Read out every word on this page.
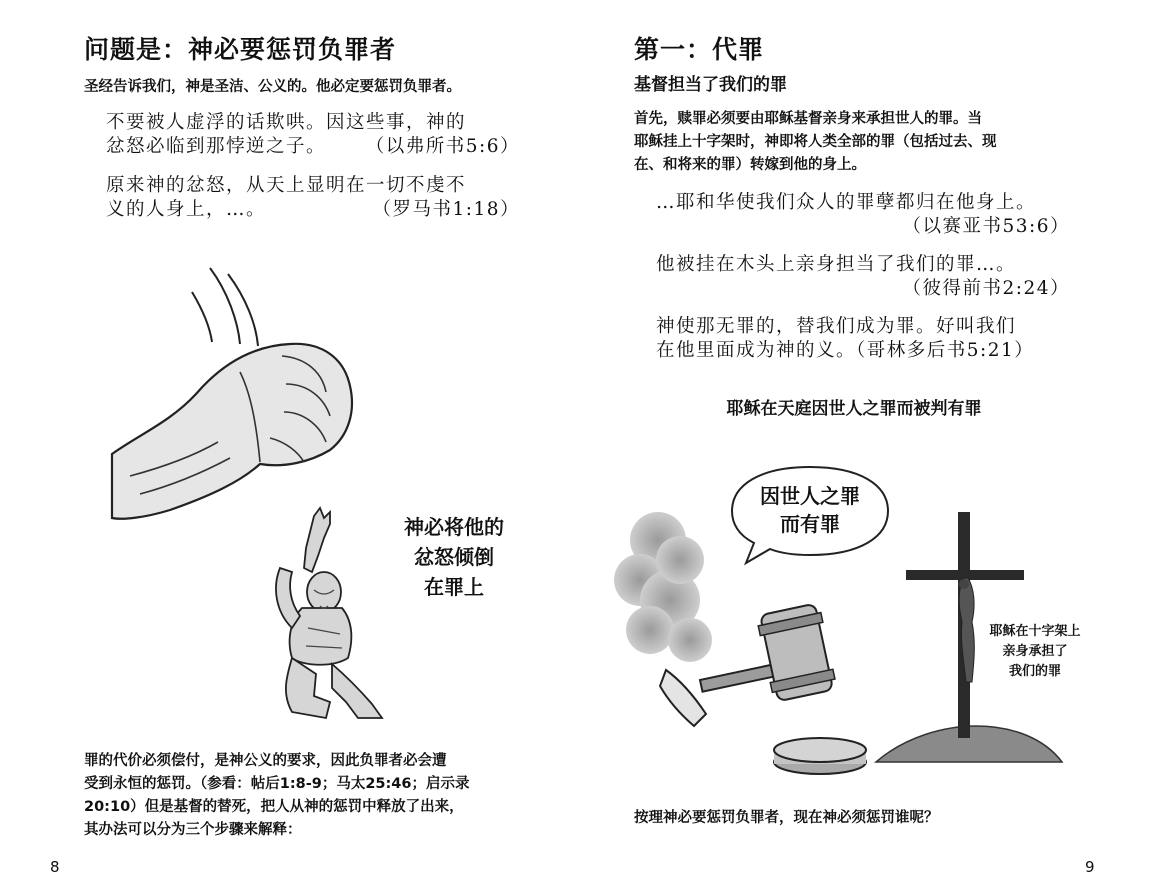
问题是：神必要惩罚负罪者
圣经告诉我们，神是圣洁、公义的。他必定要惩罚负罪者。
不要被人虚浮的话欺哄。因这些事，神的
忿怒必临到那悖逆之子。	（以弗所书5:6）
原来神的忿怒，从天上显明在一切不虔不
义的人身上，…。	（罗马书1:18）
神必将他的
忿怒倾倒
在罪上
罪的代价必须偿付，是神公义的要求，因此负罪者必会遭
受到永恒的惩罚。（参看：帖后1:8-9；马太25:46；启示录
20:10）但是基督的替死，把人从神的惩罚中释放了出来，
其办法可以分为三个步骤来解释：
8
第一：代罪
基督担当了我们的罪
首先，赎罪必须要由耶稣基督亲身来承担世人的罪。当
耶稣挂上十字架时，神即将人类全部的罪（包括过去、现
在、和将来的罪）转嫁到他的身上。
…耶和华使我们众人的罪孽都归在他身上。
（以赛亚书53:6）
他被挂在木头上亲身担当了我们的罪…。
（彼得前书2:24）
神使那无罪的，替我们成为罪。好叫我们
在他里面成为神的义。（哥林多后书5:21）
耶稣在天庭因世人之罪而被判有罪
因世人之罪
而有罪
耶稣在十字架上
亲身承担了
我们的罪
按理神必要惩罚负罪者，现在神必须惩罚谁呢？
9
